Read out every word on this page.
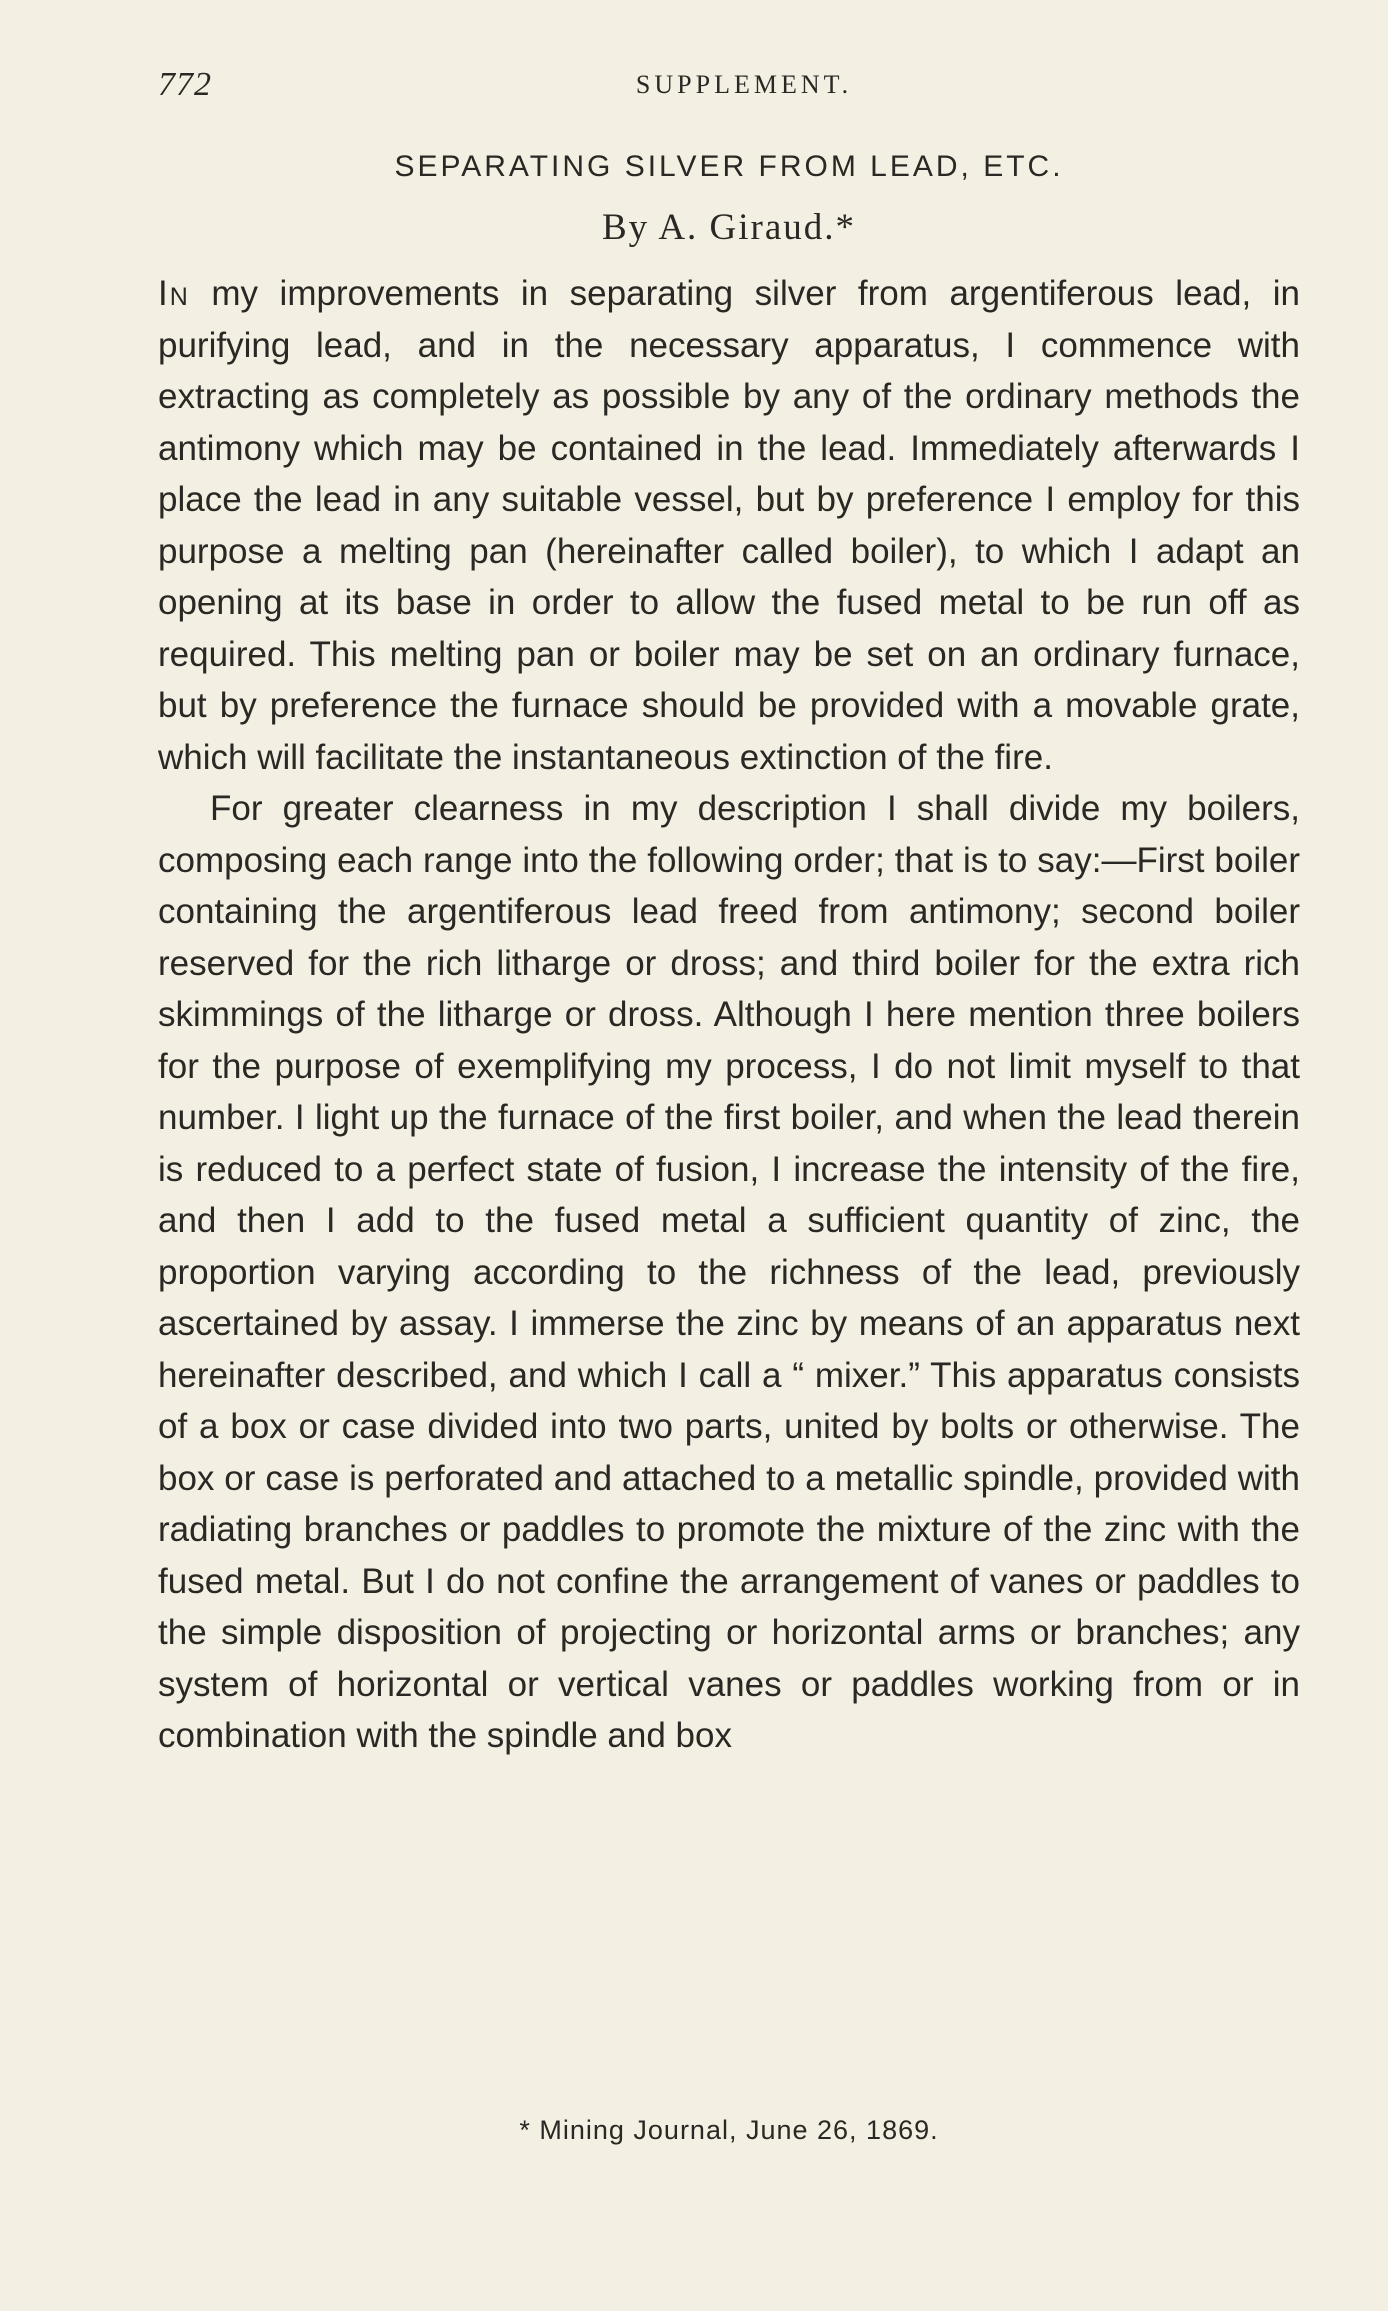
772	SUPPLEMENT.
SEPARATING SILVER FROM LEAD, ETC.
By A. Giraud.*

In my improvements in separating silver from argentiferous lead, in purifying lead, and in the necessary apparatus, I commence with extracting as completely as possible by any of the ordinary methods the antimony which may be contained in the lead. Immediately afterwards I place the lead in any suitable vessel, but by preference I employ for this purpose a melting pan (hereinafter called boiler), to which I adapt an opening at its base in order to allow the fused metal to be run off as required. This melting pan or boiler may be set on an ordinary furnace, but by preference the furnace should be provided with a movable grate, which will facilitate the instantaneous extinction of the fire.

For greater clearness in my description I shall divide my boilers, composing each range into the following order; that is to say:—First boiler containing the argentiferous lead freed from antimony; second boiler reserved for the rich litharge or dross; and third boiler for the extra rich skimmings of the litharge or dross. Although I here mention three boilers for the purpose of exemplifying my process, I do not limit myself to that number. I light up the furnace of the first boiler, and when the lead therein is reduced to a perfect state of fusion, I increase the intensity of the fire, and then I add to the fused metal a sufficient quantity of zinc, the proportion varying according to the richness of the lead, previously ascertained by assay. I immerse the zinc by means of an apparatus next hereinafter described, and which I call a “ mixer.” This apparatus consists of a box or case divided into two parts, united by bolts or otherwise. The box or case is perforated and attached to a metallic spindle, provided with radiating branches or paddles to promote the mixture of the zinc with the fused metal. But I do not confine the arrangement of vanes or paddles to the simple disposition of projecting or horizontal arms or branches; any system of horizontal or vertical vanes or paddles working from or in combination with the spindle and box

* Mining Journal, June 26, 1869.
